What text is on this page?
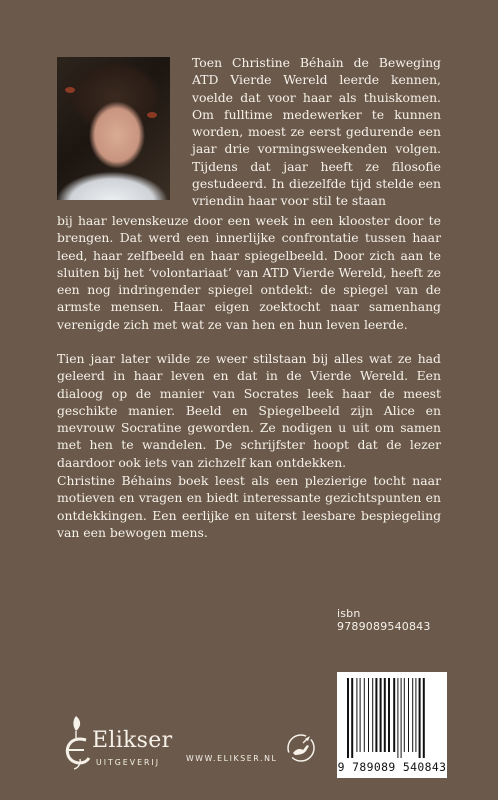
Toen Christine Béhain de Beweging ATD Vierde Wereld leerde kennen, voelde dat voor haar als thuiskomen. Om fulltime medewerker te kunnen worden, moest ze eerst gedurende een jaar drie vormingsweekenden volgen. Tijdens dat jaar heeft ze filosofie gestudeerd. In diezelfde tijd stelde een vriendin haar voor stil te staan

bij haar levenskeuze door een week in een klooster door te brengen. Dat werd een innerlijke confrontatie tussen haar leed, haar zelfbeeld en haar spiegelbeeld. Door zich aan te sluiten bij het ‘volontariaat’ van ATD Vierde Wereld, heeft ze een nog indringender spiegel ontdekt: de spiegel van de armste mensen. Haar eigen zoektocht naar samenhang verenigde zich met wat ze van hen en hun leven leerde.

Tien jaar later wilde ze weer stilstaan bij alles wat ze had geleerd in haar leven en dat in de Vierde Wereld. Een dialoog op de manier van Socrates leek haar de meest geschikte manier. Beeld en Spiegelbeeld zijn Alice en mevrouw Socratine geworden. Ze nodigen u uit om samen met hen te wandelen. De schrijfster hoopt dat de lezer daardoor ook iets van zichzelf kan ontdekken.

Christine Béhains boek leest als een plezierige tocht naar motieven en vragen en biedt interessante gezichtspunten en ontdekkingen. Een eerlijke en uiterst leesbare bespiegeling van een bewogen mens.

isbn 9789089540843
9 789089 540843
Elikser
UITGEVERIJ	WWW.ELIKSER.NL
